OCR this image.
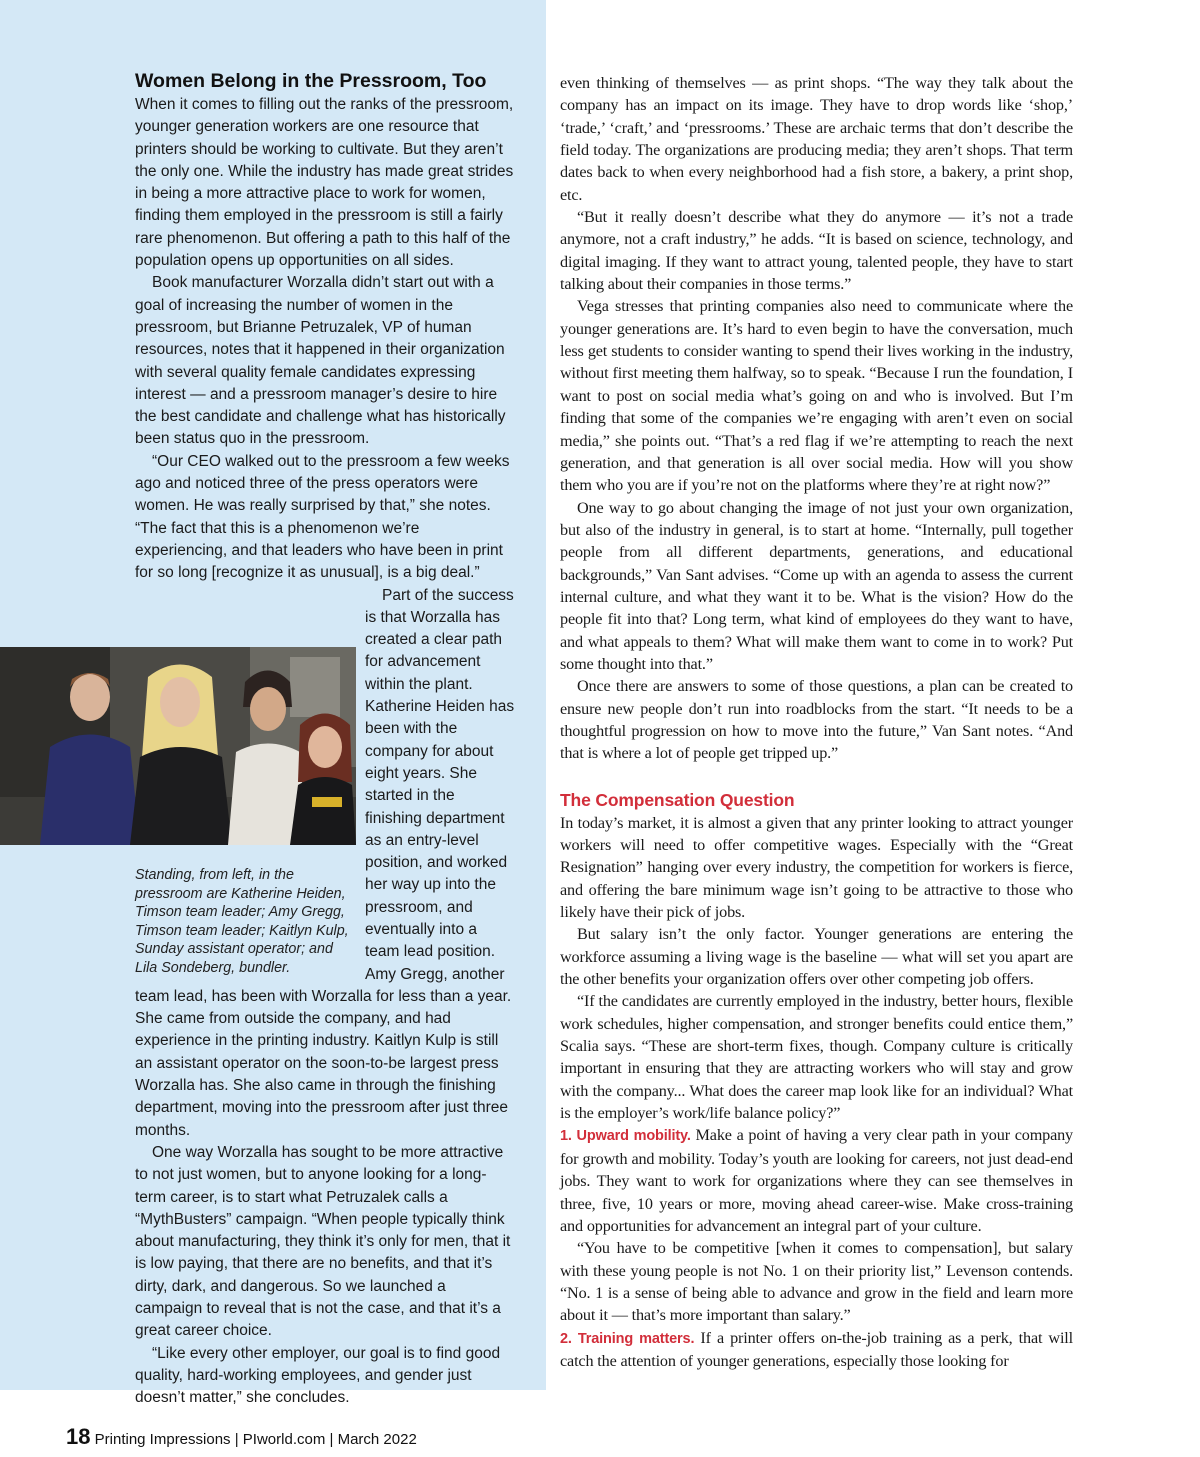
Women Belong in the Pressroom, Too

When it comes to filling out the ranks of the pressroom, younger generation workers are one resource that printers should be working to cultivate. But they aren’t the only one. While the industry has made great strides in being a more attractive place to work for women, finding them employed in the pressroom is still a fairly rare phenomenon. But offering a path to this half of the population opens up opportunities on all sides.

Book manufacturer Worzalla didn’t start out with a goal of increasing the number of women in the pressroom, but Brianne Petruzalek, VP of human resources, notes that it happened in their organization with several quality female candidates expressing interest — and a pressroom manager’s desire to hire the best candidate and challenge what has historically been status quo in the pressroom.

“Our CEO walked out to the pressroom a few weeks ago and noticed three of the press operators were women. He was really surprised by that,” she notes. “The fact that this is a phenomenon we’re experiencing, and that leaders who have been in print for so long [recognize it as unusual], is a big deal.”

Part of the success is that Worzalla has created a clear path for advancement within the plant. Katherine Heiden has been with the company for about eight years. She started in the finishing department as an entry-level position, and worked her way up into the pressroom, and eventually into a team lead position. Amy Gregg, another team lead, has been with Worzalla for less than a year. She came from outside the company, and had experience in the printing industry. Kaitlyn Kulp is still an assistant operator on the soon-to-be largest press Worzalla has. She also came in through the finishing department, moving into the pressroom after just three months.

One way Worzalla has sought to be more attractive to not just women, but to anyone looking for a long-term career, is to start what Petruzalek calls a “MythBusters” campaign. “When people typically think about manufacturing, they think it’s only for men, that it is low paying, that there are no benefits, and that it’s dirty, dark, and dangerous. So we launched a campaign to reveal that is not the case, and that it’s a great career choice.

“Like every other employer, our goal is to find good quality, hard-working employees, and gender just doesn’t matter,” she concludes.

Standing, from left, in the pressroom are Katherine Heiden, Timson team leader; Amy Gregg, Timson team leader; Kaitlyn Kulp, Sunday assistant operator; and Lila Sondeberg, bundler.

even thinking of themselves — as print shops. “The way they talk about the company has an impact on its image. They have to drop words like ‘shop,’ ‘trade,’ ‘craft,’ and ‘pressrooms.’ These are archaic terms that don’t describe the field today. The organizations are producing media; they aren’t shops. That term dates back to when every neighborhood had a fish store, a bakery, a print shop, etc.

“But it really doesn’t describe what they do anymore — it’s not a trade anymore, not a craft industry,” he adds. “It is based on science, technology, and digital imaging. If they want to attract young, talented people, they have to start talking about their companies in those terms.”

Vega stresses that printing companies also need to communicate where the younger generations are. It’s hard to even begin to have the conversation, much less get students to consider wanting to spend their lives working in the industry, without first meeting them halfway, so to speak. “Because I run the foundation, I want to post on social media what’s going on and who is involved. But I’m finding that some of the companies we’re engaging with aren’t even on social media,” she points out. “That’s a red flag if we’re attempting to reach the next generation, and that generation is all over social media. How will you show them who you are if you’re not on the platforms where they’re at right now?”

One way to go about changing the image of not just your own organization, but also of the industry in general, is to start at home. “Internally, pull together people from all different departments, generations, and educational backgrounds,” Van Sant advises. “Come up with an agenda to assess the current internal culture, and what they want it to be. What is the vision? How do the people fit into that? Long term, what kind of employees do they want to have, and what appeals to them? What will make them want to come in to work? Put some thought into that.”

Once there are answers to some of those questions, a plan can be created to ensure new people don’t run into roadblocks from the start. “It needs to be a thoughtful progression on how to move into the future,” Van Sant notes. “And that is where a lot of people get tripped up.”

The Compensation Question

In today’s market, it is almost a given that any printer looking to attract younger workers will need to offer competitive wages. Especially with the “Great Resignation” hanging over every industry, the competition for workers is fierce, and offering the bare minimum wage isn’t going to be attractive to those who likely have their pick of jobs.

But salary isn’t the only factor. Younger generations are entering the workforce assuming a living wage is the baseline — what will set you apart are the other benefits your organization offers over other competing job offers.

“If the candidates are currently employed in the industry, better hours, flexible work schedules, higher compensation, and stronger benefits could entice them,” Scalia says. “These are short-term fixes, though. Company culture is critically important in ensuring that they are attracting workers who will stay and grow with the company... What does the career map look like for an individual? What is the employer’s work/life balance policy?”

1. Upward mobility. Make a point of having a very clear path in your company for growth and mobility. Today’s youth are looking for careers, not just dead-end jobs. They want to work for organizations where they can see themselves in three, five, 10 years or more, moving ahead career-wise. Make cross-training and opportunities for advancement an integral part of your culture.

“You have to be competitive [when it comes to compensation], but salary with these young people is not No. 1 on their priority list,” Levenson contends. “No. 1 is a sense of being able to advance and grow in the field and learn more about it — that’s more important than salary.”

2. Training matters. If a printer offers on-the-job training as a perk, that will catch the attention of younger generations, especially those looking for

18 Printing Impressions | PIworld.com | March 2022
